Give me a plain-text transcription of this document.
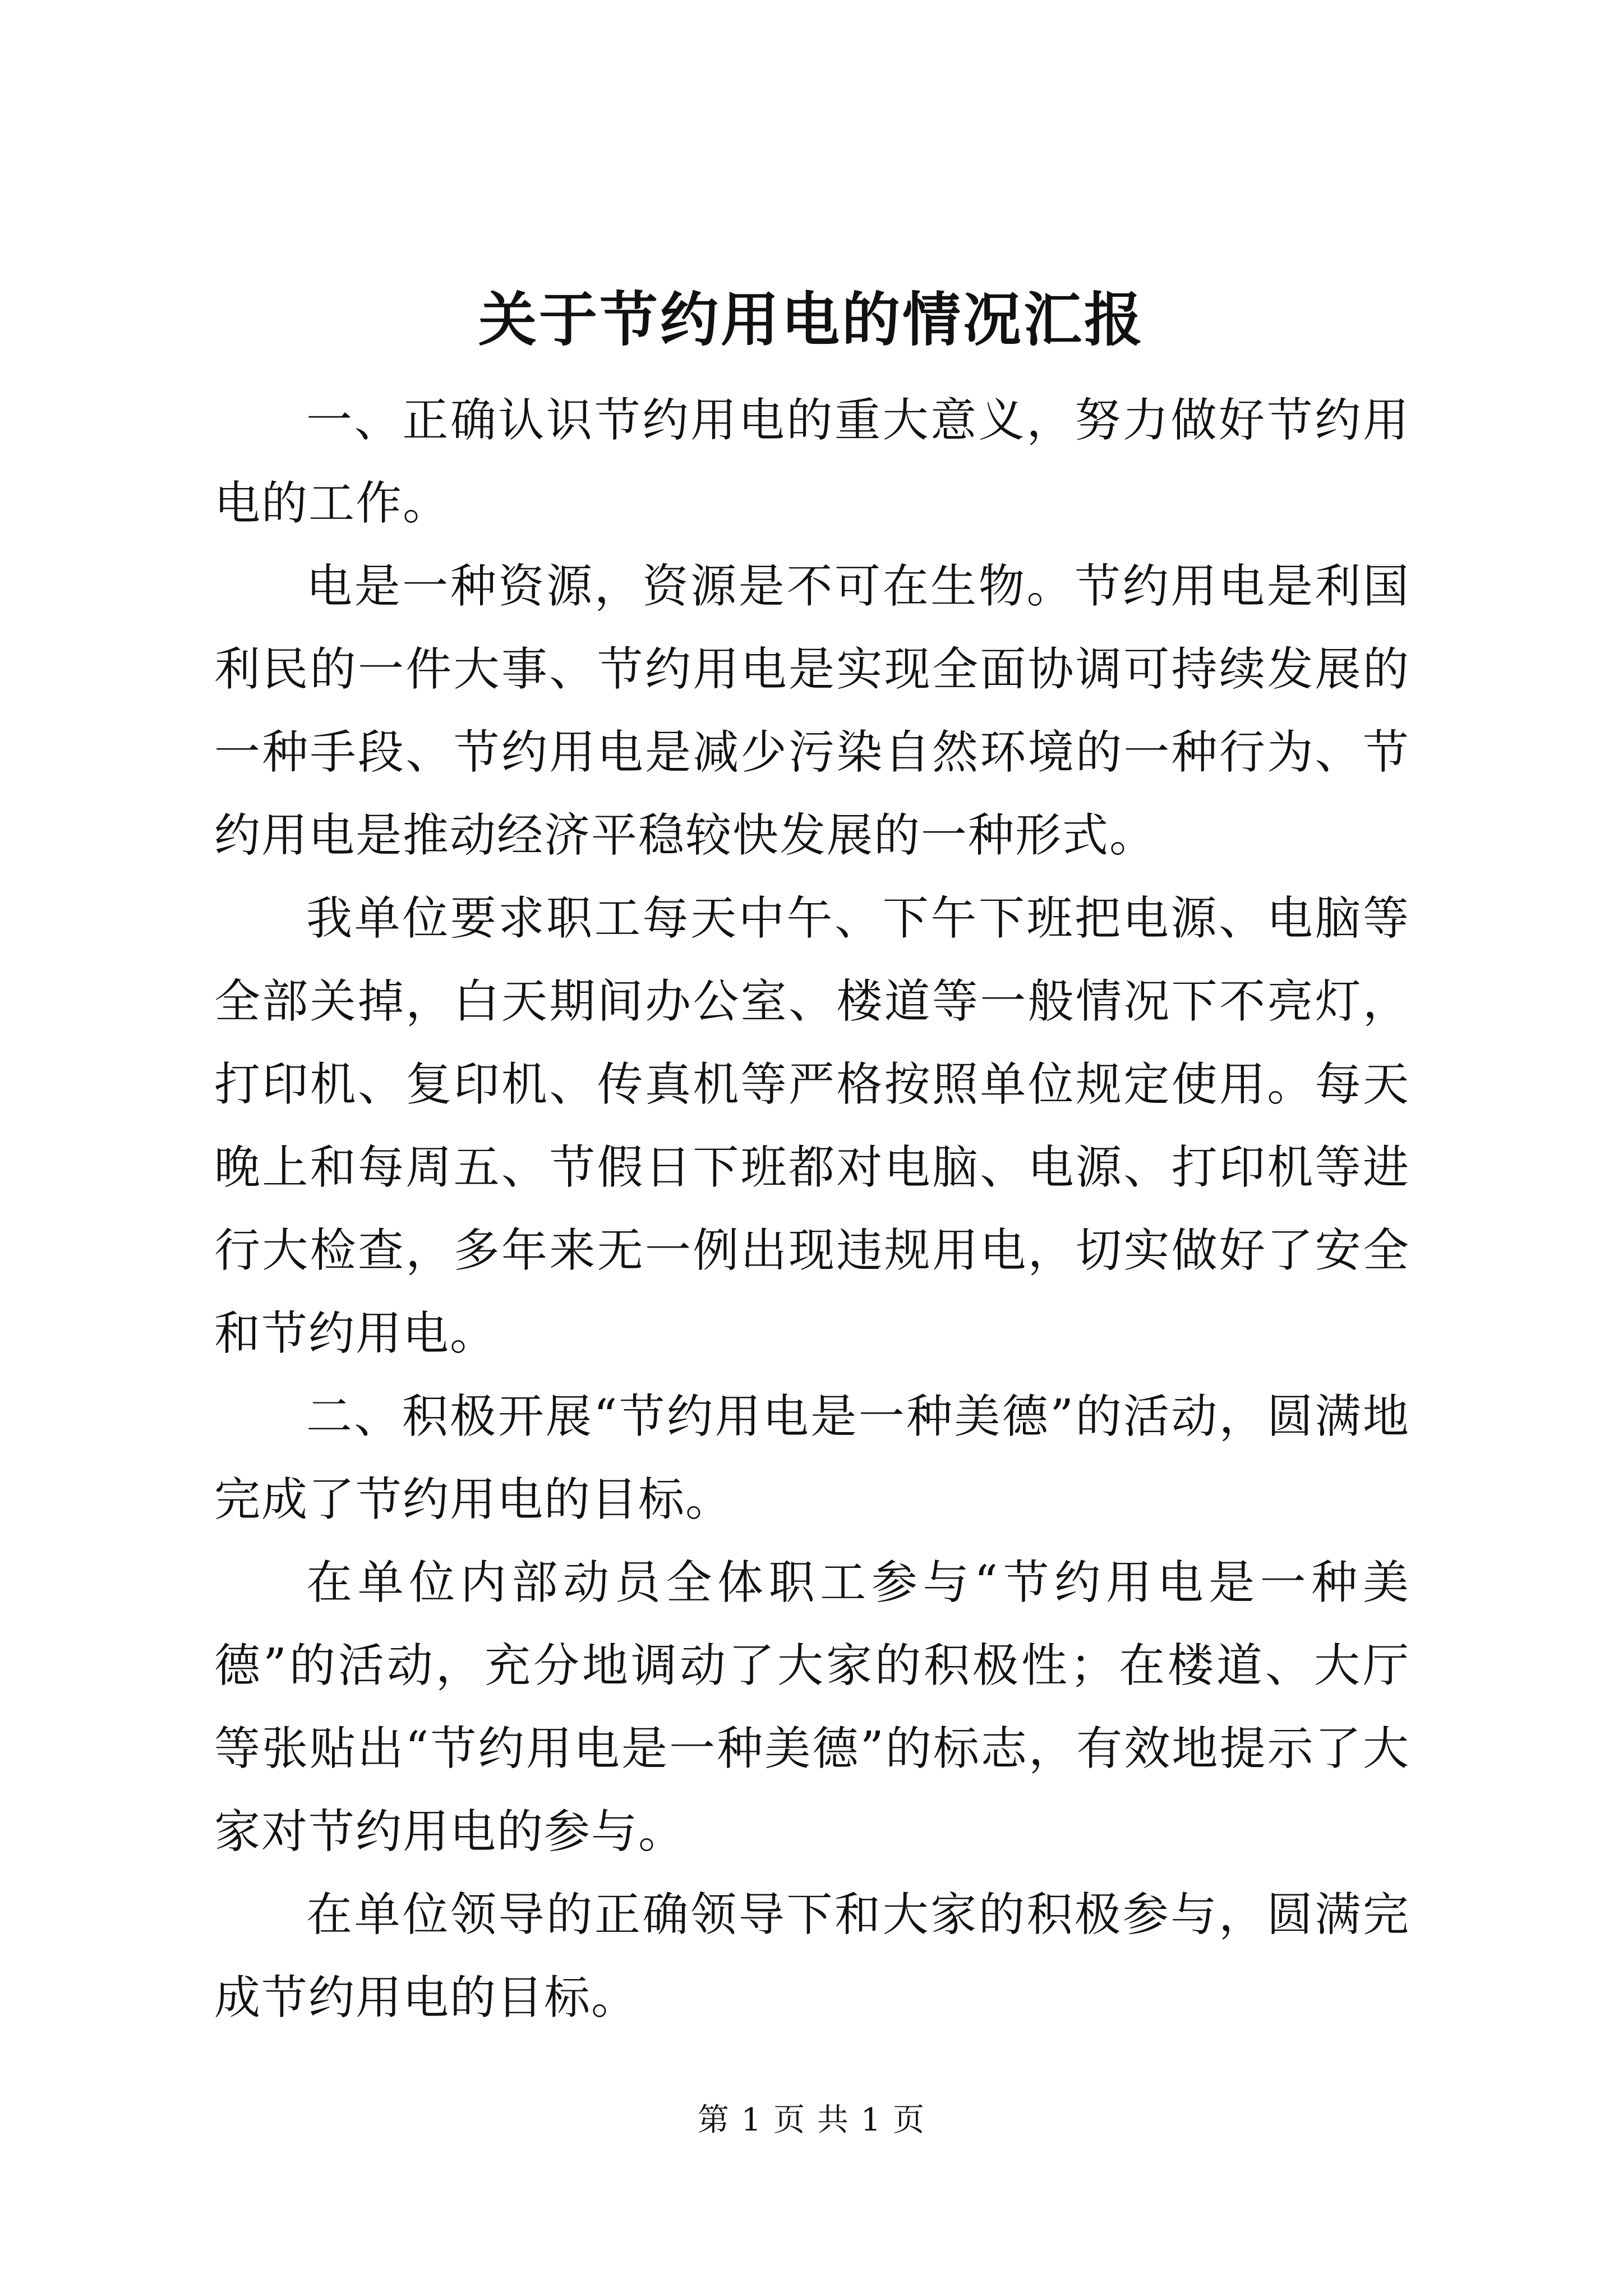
关于节约用电的情况汇报

一、正确认识节约用电的重大意义，努力做好节约用电的工作。

电是一种资源，资源是不可在生物。节约用电是利国利民的一件大事、节约用电是实现全面协调可持续发展的一种手段、节约用电是减少污染自然环境的一种行为、节约用电是推动经济平稳较快发展的一种形式。

我单位要求职工每天中午、下午下班把电源、电脑等全部关掉，白天期间办公室、楼道等一般情况下不亮灯，打印机、复印机、传真机等严格按照单位规定使用。每天晚上和每周五、节假日下班都对电脑、电源、打印机等进行大检查，多年来无一例出现违规用电，切实做好了安全和节约用电。

二、积极开展“节约用电是一种美德”的活动，圆满地完成了节约用电的目标。

在单位内部动员全体职工参与“节约用电是一种美德”的活动，充分地调动了大家的积极性；在楼道、大厅等张贴出“节约用电是一种美德”的标志，有效地提示了大家对节约用电的参与。

在单位领导的正确领导下和大家的积极参与，圆满完成节约用电的目标。

第 1 页 共 1 页
